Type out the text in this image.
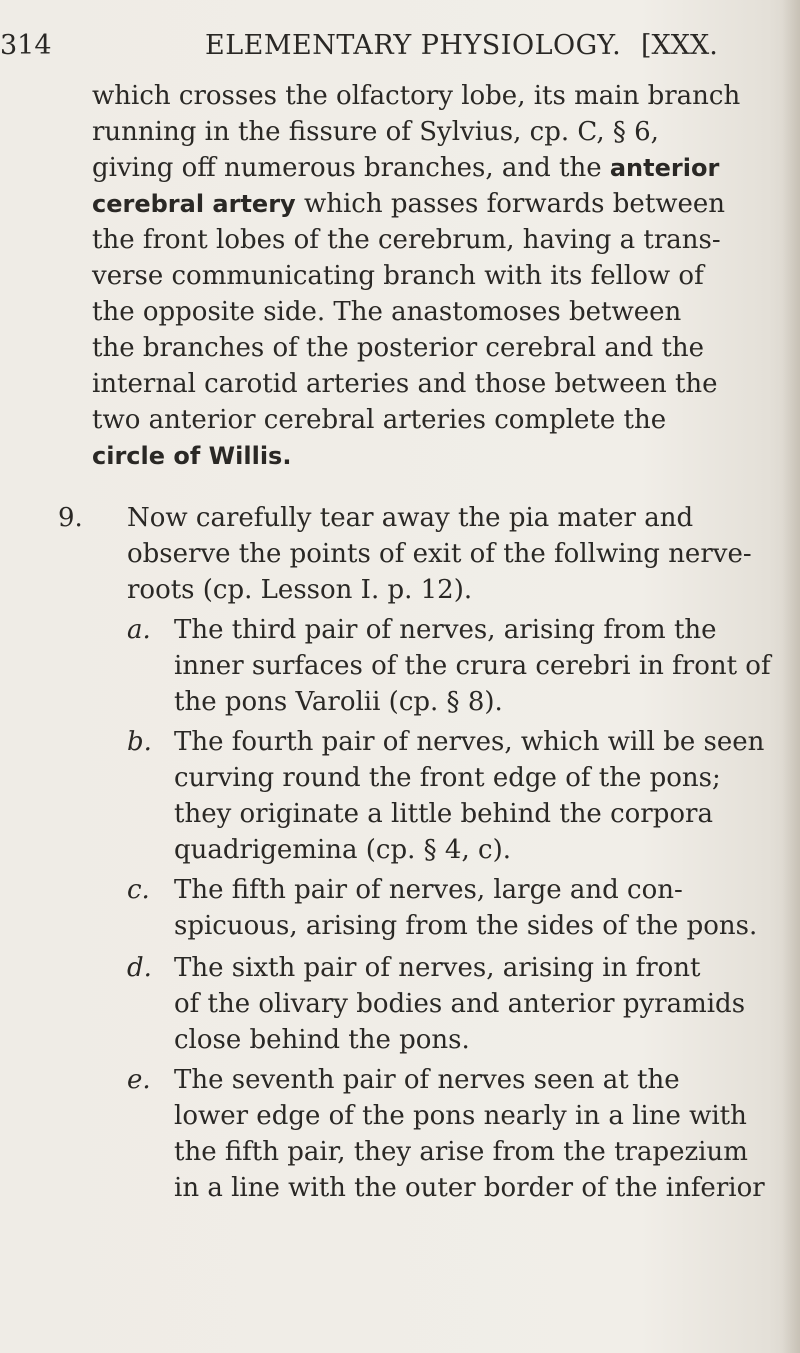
314	ELEMENTARY PHYSIOLOGY. [XXX.
which crosses the olfactory lobe, its main branch
running in the fissure of Sylvius, cp. C, § 6,
giving off numerous branches, and the anterior
cerebral artery which passes forwards between
the front lobes of the cerebrum, having a trans-
verse communicating branch with its fellow of
the opposite side. The anastomoses between
the branches of the posterior cerebral and the
internal carotid arteries and those between the
two anterior cerebral arteries complete the
circle of Willis.
9. Now carefully tear away the pia mater and
observe the points of exit of the follwing nerve-
roots (cp. Lesson I. p. 12).
a. The third pair of nerves, arising from the
inner surfaces of the crura cerebri in front of
the pons Varolii (cp. § 8).
b. The fourth pair of nerves, which will be seen
curving round the front edge of the pons;
they originate a little behind the corpora
quadrigemina (cp. § 4, c).
c. The fifth pair of nerves, large and con-
spicuous, arising from the sides of the pons.
d. The sixth pair of nerves, arising in front
of the olivary bodies and anterior pyramids
close behind the pons.
e. The seventh pair of nerves seen at the
lower edge of the pons nearly in a line with
the fifth pair, they arise from the trapezium
in a line with the outer border of the inferior
